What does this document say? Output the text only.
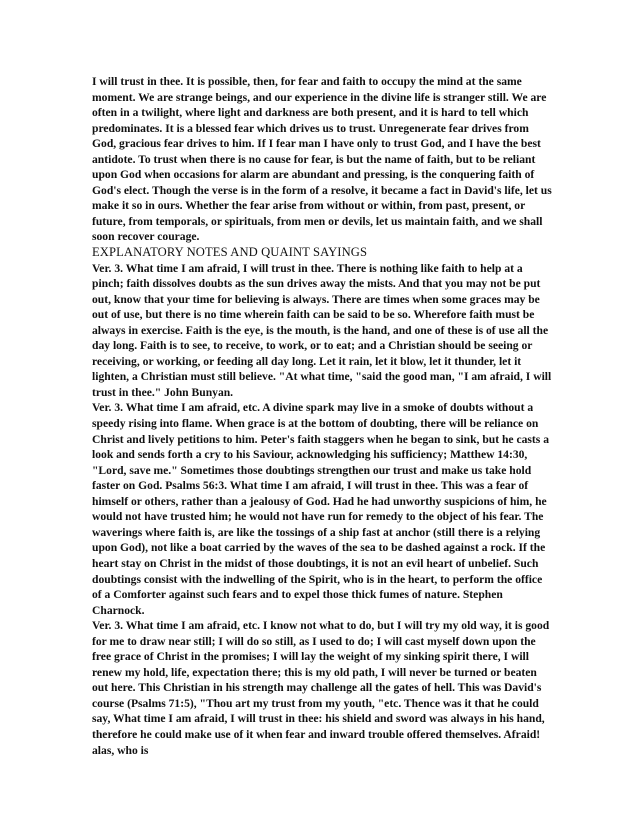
I will trust in thee. It is possible, then, for fear and faith to occupy the mind at the same moment. We are strange beings, and our experience in the divine life is stranger still. We are often in a twilight, where light and darkness are both present, and it is hard to tell which predominates. It is a blessed fear which drives us to trust. Unregenerate fear drives from God, gracious fear drives to him. If I fear man I have only to trust God, and I have the best antidote. To trust when there is no cause for fear, is but the name of faith, but to be reliant upon God when occasions for alarm are abundant and pressing, is the conquering faith of God's elect. Though the verse is in the form of a resolve, it became a fact in David's life, let us make it so in ours. Whether the fear arise from without or within, from past, present, or future, from temporals, or spirituals, from men or devils, let us maintain faith, and we shall soon recover courage.

EXPLANATORY NOTES AND QUAINT SAYINGS

Ver. 3. What time I am afraid, I will trust in thee. There is nothing like faith to help at a pinch; faith dissolves doubts as the sun drives away the mists. And that you may not be put out, know that your time for believing is always. There are times when some graces may be out of use, but there is no time wherein faith can be said to be so. Wherefore faith must be always in exercise. Faith is the eye, is the mouth, is the hand, and one of these is of use all the day long. Faith is to see, to receive, to work, or to eat; and a Christian should be seeing or receiving, or working, or feeding all day long. Let it rain, let it blow, let it thunder, let it lighten, a Christian must still believe. "At what time, "said the good man, "I am afraid, I will trust in thee." John Bunyan.

Ver. 3. What time I am afraid, etc. A divine spark may live in a smoke of doubts without a speedy rising into flame. When grace is at the bottom of doubting, there will be reliance on Christ and lively petitions to him. Peter's faith staggers when he began to sink, but he casts a look and sends forth a cry to his Saviour, acknowledging his sufficiency; Matthew 14:30, "Lord, save me." Sometimes those doubtings strengthen our trust and make us take hold faster on God. Psalms 56:3. What time I am afraid, I will trust in thee. This was a fear of himself or others, rather than a jealousy of God. Had he had unworthy suspicions of him, he would not have trusted him; he would not have run for remedy to the object of his fear. The waverings where faith is, are like the tossings of a ship fast at anchor (still there is a relying upon God), not like a boat carried by the waves of the sea to be dashed against a rock. If the heart stay on Christ in the midst of those doubtings, it is not an evil heart of unbelief. Such doubtings consist with the indwelling of the Spirit, who is in the heart, to perform the office of a Comforter against such fears and to expel those thick fumes of nature. Stephen Charnock.

Ver. 3. What time I am afraid, etc. I know not what to do, but I will try my old way, it is good for me to draw near still; I will do so still, as I used to do; I will cast myself down upon the free grace of Christ in the promises; I will lay the weight of my sinking spirit there, I will renew my hold, life, expectation there; this is my old path, I will never be turned or beaten out here. This Christian in his strength may challenge all the gates of hell. This was David's course (Psalms 71:5), "Thou art my trust from my youth, "etc. Thence was it that he could say, What time I am afraid, I will trust in thee: his shield and sword was always in his hand, therefore he could make use of it when fear and inward trouble offered themselves. Afraid! alas, who is
